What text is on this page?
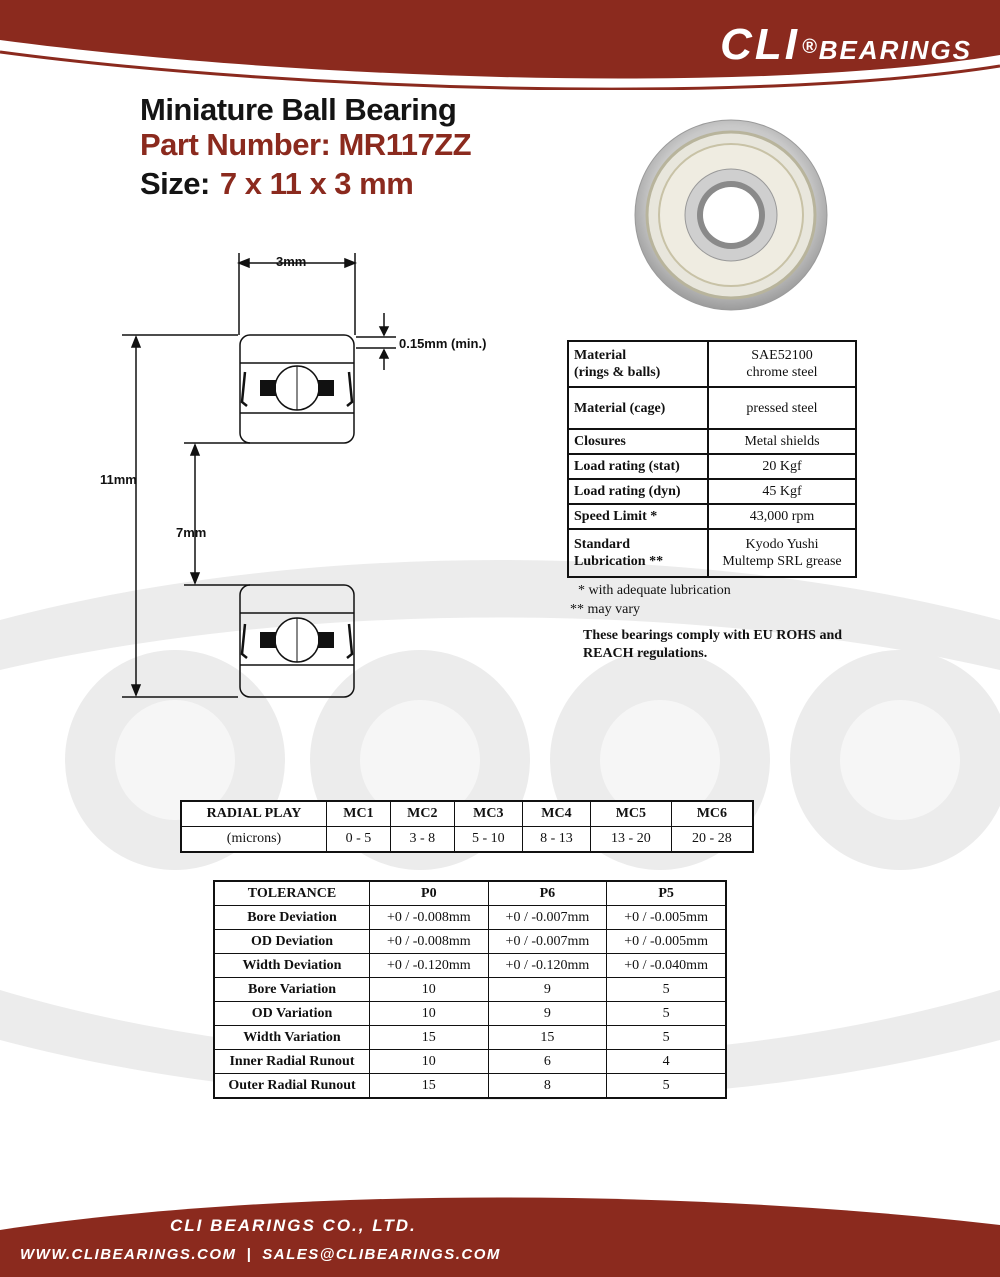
CLI ®BEARINGS
Miniature Ball Bearing
Part Number: MR117ZZ
Size: 7 x 11 x 3 mm
3mm
0.15mm (min.)
11mm
7mm
Material
(rings & balls)	SAE52100
chrome steel
Material (cage)	pressed steel
Closures	Metal shields
Load rating (stat)	20 Kgf
Load rating (dyn)	45 Kgf
Speed Limit *	43,000 rpm
Standard
Lubrication **	Kyodo Yushi
Multemp SRL grease
* with adequate lubrication
** may vary
These bearings comply with EU ROHS and REACH regulations.
RADIAL PLAY	MC1	MC2	MC3	MC4	MC5	MC6
(microns)	0 - 5	3 - 8	5 - 10	8 - 13	13 - 20	20 - 28
TOLERANCE	P0	P6	P5
Bore Deviation	+0 / -0.008mm	+0 / -0.007mm	+0 / -0.005mm
OD Deviation	+0 / -0.008mm	+0 / -0.007mm	+0 / -0.005mm
Width Deviation	+0 / -0.120mm	+0 / -0.120mm	+0 / -0.040mm
Bore Variation	10	9	5
OD Variation	10	9	5
Width Variation	15	15	5
Inner Radial Runout	10	6	4
Outer Radial Runout	15	8	5
CLI BEARINGS CO., LTD.
WWW.CLIBEARINGS.COM | SALES@CLIBEARINGS.COM
